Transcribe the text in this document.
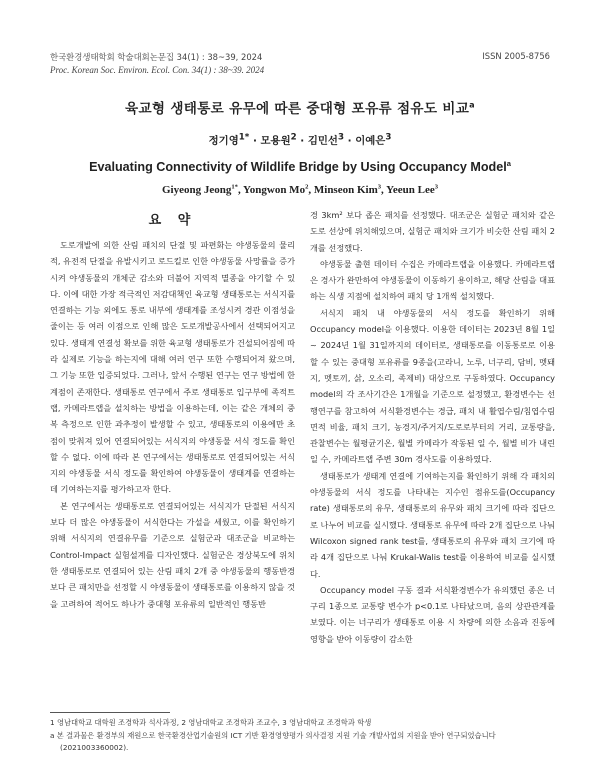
한국환경생태학회 학술대회논문집 34(1) : 38~39, 2024	ISSN 2005-8756
Proc. Korean Soc. Environ. Ecol. Con. 34(1) : 38~39. 2024
육교형 생태통로 유무에 따른 중대형 포유류 점유도 비교$^a$
정기영$^{1*}$ · 모용원$^2$ · 김민선$^3$ · 이예은$^3$
Evaluating Connectivity of Wildlife Bridge by Using Occupancy Model$^a$
Giyeong Jeong$^{1*}$, Yongwon Mo$^2$, Minseon Kim$^3$, Yeeun Lee$^3$
요 약

도로개발에 의한 산림 패치의 단절 및 파편화는 야생동물의 물리적, 유전적 단절을 유발시키고 로드킬로 인한 야생동물 사망률을 증가시켜 야생동물의 개체군 감소와 더불어 지역적 멸종을 야기할 수 있다. 이에 대한 가장 적극적인 저감대책인 육교형 생태통로는 서식지를 연결하는 기능 외에도 통로 내부에 생태계를 조성시켜 경관 이점성을 줄이는 등 여러 이점으로 인해 많은 도로개발공사에서 선택되어지고 있다. 생태계 연결성 확보를 위한 육교형 생태통로가 건설되어짐에 따라 실제로 기능을 하는지에 대해 여러 연구 또한 수행되어져 왔으며, 그 기능 또한 입증되었다. 그러나, 앞서 수행된 연구는 연구 방법에 한계점이 존재한다. 생태통로 연구에서 주로 생태통로 입구부에 족적트랩, 카메라트랩을 설치하는 방법을 이용하는데, 이는 같은 개체의 중복 측정으로 인한 과추정이 발생할 수 있고, 생태통로의 이용에만 초점이 맞춰져 있어 연결되어있는 서식지의 야생동물 서식 정도를 확인할 수 없다. 이에 따라 본 연구에서는 생태통로로 연결되어있는 서식지의 야생동물 서식 정도를 확인하여 야생동물이 생태계를 연결하는데 기여하는지를 평가하고자 한다.

본 연구에서는 생태통로로 연결되어있는 서식지가 단절된 서식지보다 더 많은 야생동물이 서식한다는 가설을 세웠고, 이를 확인하기 위해 서식지의 연결유무를 기준으로 실험군과 대조군을 비교하는 Control-Impact 실험설계를 디자인했다. 실험군은 경상북도에 위치한 생태통로로 연결되어 있는 산림 패치 2개 중 야생동물의 행동반경보다 큰 패치만을 선정할 시 야생동물이 생태통로를 이용하지 않을 것을 고려하여 적어도 하나가 중대형 포유류의 일반적인 행동반

경 3km² 보다 좁은 패치를 선정했다. 대조군은 실험군 패치와 같은 도로 선상에 위치해있으며, 실험군 패치와 크기가 비슷한 산림 패치 2개를 선정했다.

야생동물 출현 데이터 수집은 카메라트랩을 이용했다. 카메라트랩은 경사가 완만하여 야생동물이 이동하기 용이하고, 해당 산림을 대표하는 식생 지점에 설치하여 패치 당 1개씩 설치했다.

서식지 패치 내 야생동물의 서식 정도를 확인하기 위해 Occupancy model을 이용했다. 이용한 데이터는 2023년 8월 1일 ~ 2024년 1월 31일까지의 데이터로, 생태통로를 이동통로로 이용할 수 있는 중대형 포유류를 9종을(고라니, 노루, 너구리, 담비, 멧돼지, 멧토끼, 삵, 오소리, 족제비) 대상으로 구동하였다. Occupancy model의 각 조사기간은 1개월을 기준으로 설정했고, 환경변수는 선행연구를 참고하여 서식환경변수는 경급, 패치 내 활엽수림/침엽수림 면적 비율, 패치 크기, 농경지/주거지/도로로부터의 거리, 교통량을, 관찰변수는 월평균기온, 월별 카메라가 작동된 일 수, 월별 비가 내린 일 수, 카메라트랩 주변 30m 경사도를 이용하였다.

생태통로가 생태계 연결에 기여하는지를 확인하기 위해 각 패치의 야생동물의 서식 정도를 나타내는 지수인 점유도를(Occupancy rate) 생태통로의 유무, 생태통로의 유무와 패치 크기에 따라 집단으로 나누어 비교를 실시했다. 생태통로 유무에 따라 2개 집단으로 나눠 Wilcoxon signed rank test를, 생태통로의 유무와 패치 크기에 따라 4개 집단으로 나눠 Krukal-Walis test를 이용하여 비교를 실시했다.

Occupancy model 구동 결과 서식환경변수가 유의했던 종은 너구리 1종으로 교통량 변수가 p<0.1로 나타났으며, 음의 상관관계를 보였다. 이는 너구리가 생태통로 이용 시 차량에 의한 소음과 진동에 영향을 받아 이동량이 감소한

1 영남대학교 대학원 조경학과 석사과정, 2 영남대학교 조경학과 조교수, 3 영남대학교 조경학과 학생
a 본 결과물은 환경부의 재원으로 한국환경산업기술원의 ICT 기반 환경영향평가 의사결정 지원 기술 개발사업의 지원을 받아 연구되었습니다(2021003360002).
